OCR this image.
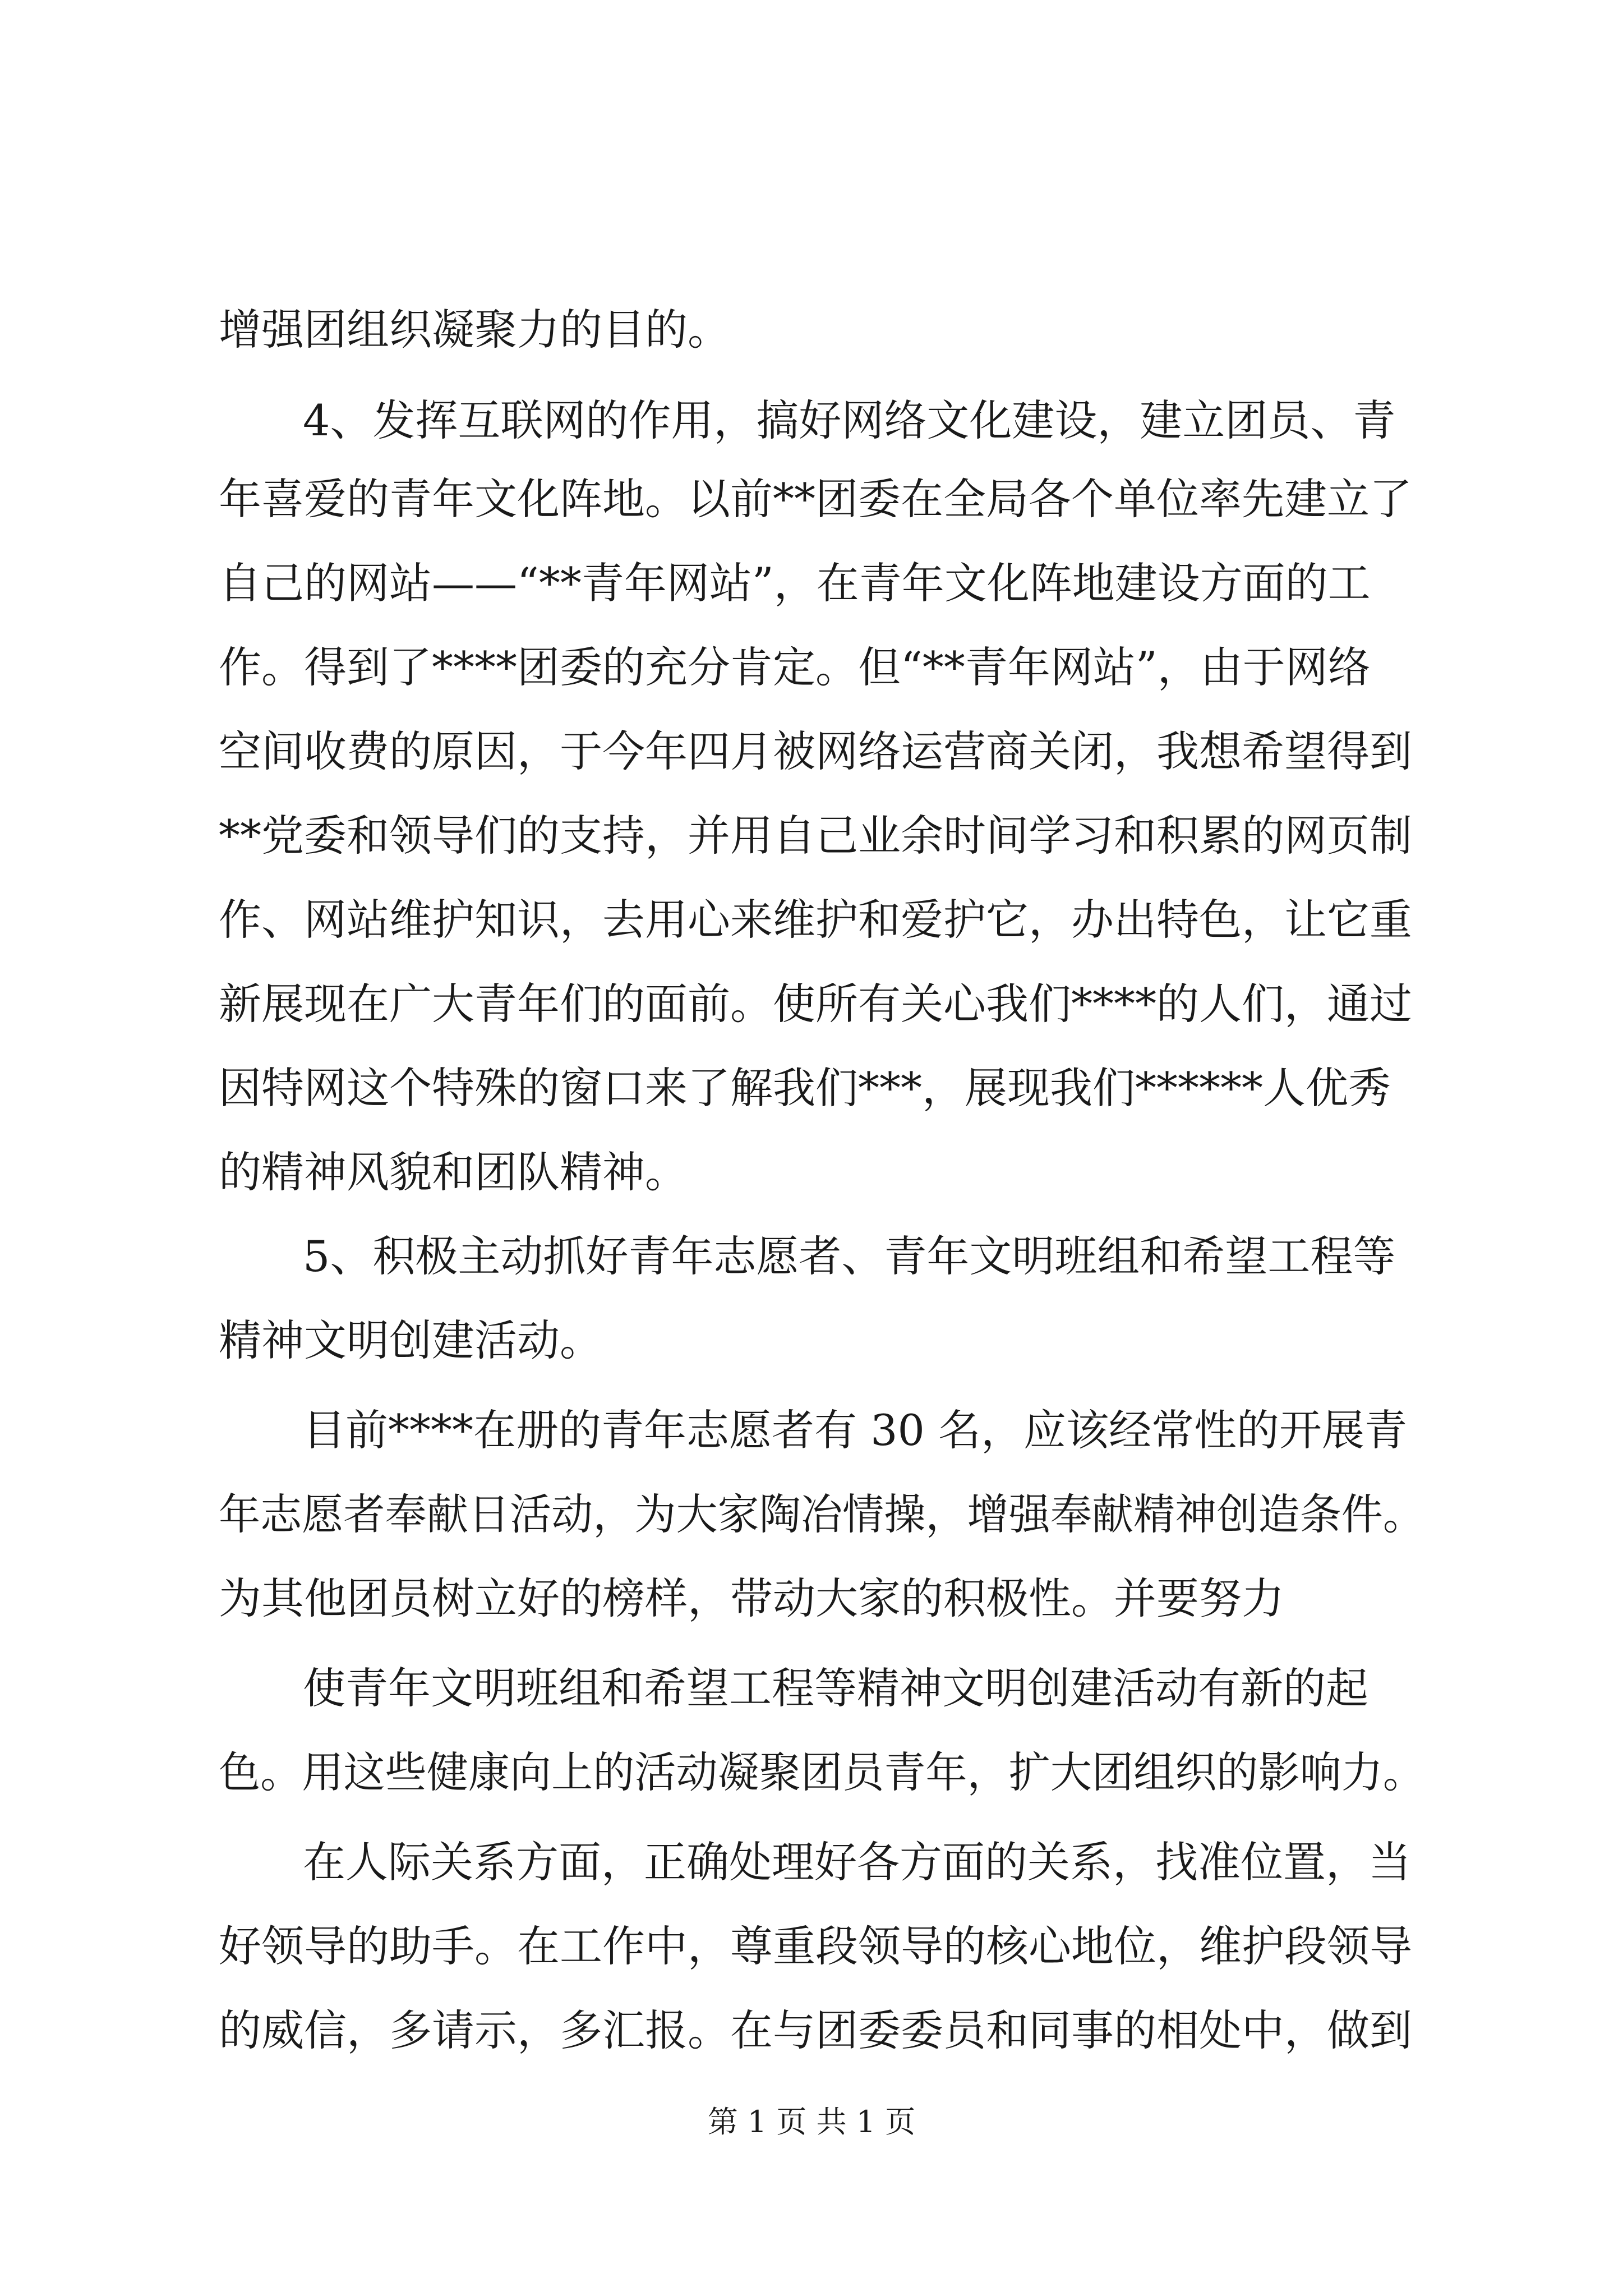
增强团组织凝聚力的目的。
4、发挥互联网的作用，搞好网络文化建设，建立团员、青
年喜爱的青年文化阵地。以前**团委在全局各个单位率先建立了
自己的网站——“**青年网站”，在青年文化阵地建设方面的工
作。得到了****团委的充分肯定。但“**青年网站”，由于网络
空间收费的原因，于今年四月被网络运营商关闭，我想希望得到
**党委和领导们的支持，并用自己业余时间学习和积累的网页制
作、网站维护知识，去用心来维护和爱护它，办出特色，让它重
新展现在广大青年们的面前。使所有关心我们****的人们，通过
因特网这个特殊的窗口来了解我们***，展现我们******人优秀
的精神风貌和团队精神。
5、积极主动抓好青年志愿者、青年文明班组和希望工程等
精神文明创建活动。
目前****在册的青年志愿者有 30 名，应该经常性的开展青
年志愿者奉献日活动，为大家陶冶情操，增强奉献精神创造条件。
为其他团员树立好的榜样，带动大家的积极性。并要努力
使青年文明班组和希望工程等精神文明创建活动有新的起
色。用这些健康向上的活动凝聚团员青年，扩大团组织的影响力。
在人际关系方面，正确处理好各方面的关系，找准位置，当
好领导的助手。在工作中，尊重段领导的核心地位，维护段领导
的威信，多请示，多汇报。在与团委委员和同事的相处中，做到
第 1 页 共 1 页
